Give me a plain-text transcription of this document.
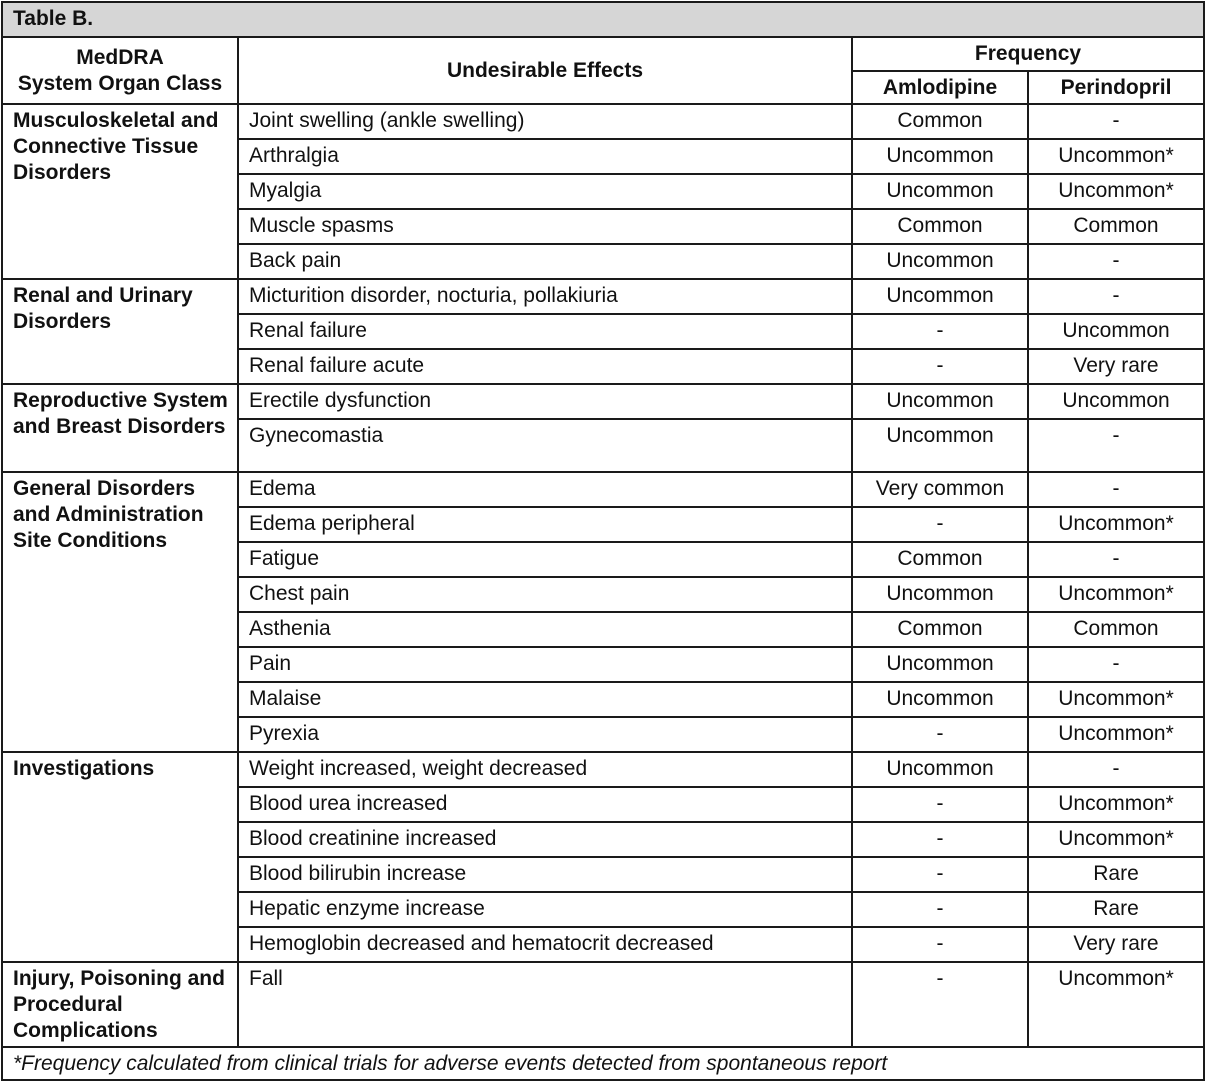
Table B.			
MedDRA
System Organ Class	Undesirable Effects	Frequency	
		Amlodipine	Perindopril
Musculoskeletal and Connective Tissue Disorders	Joint swelling (ankle swelling)	Common	-
	Arthralgia	Uncommon	Uncommon*
	Myalgia	Uncommon	Uncommon*
	Muscle spasms	Common	Common
	Back pain	Uncommon	-
Renal and Urinary Disorders	Micturition disorder, nocturia, pollakiuria	Uncommon	-
	Renal failure	-	Uncommon
	Renal failure acute	-	Very rare
Reproductive System and Breast Disorders	Erectile dysfunction	Uncommon	Uncommon
	Gynecomastia	Uncommon	-
General Disorders and Administration Site Conditions	Edema	Very common	-
	Edema peripheral	-	Uncommon*
	Fatigue	Common	-
	Chest pain	Uncommon	Uncommon*
	Asthenia	Common	Common
	Pain	Uncommon	-
	Malaise	Uncommon	Uncommon*
	Pyrexia	-	Uncommon*
Investigations	Weight increased, weight decreased	Uncommon	-
	Blood urea increased	-	Uncommon*
	Blood creatinine increased	-	Uncommon*
	Blood bilirubin increase	-	Rare
	Hepatic enzyme increase	-	Rare
	Hemoglobin decreased and hematocrit decreased	-	Very rare
Injury, Poisoning and Procedural Complications	Fall	-	Uncommon*
*Frequency calculated from clinical trials for adverse events detected from spontaneous report			
